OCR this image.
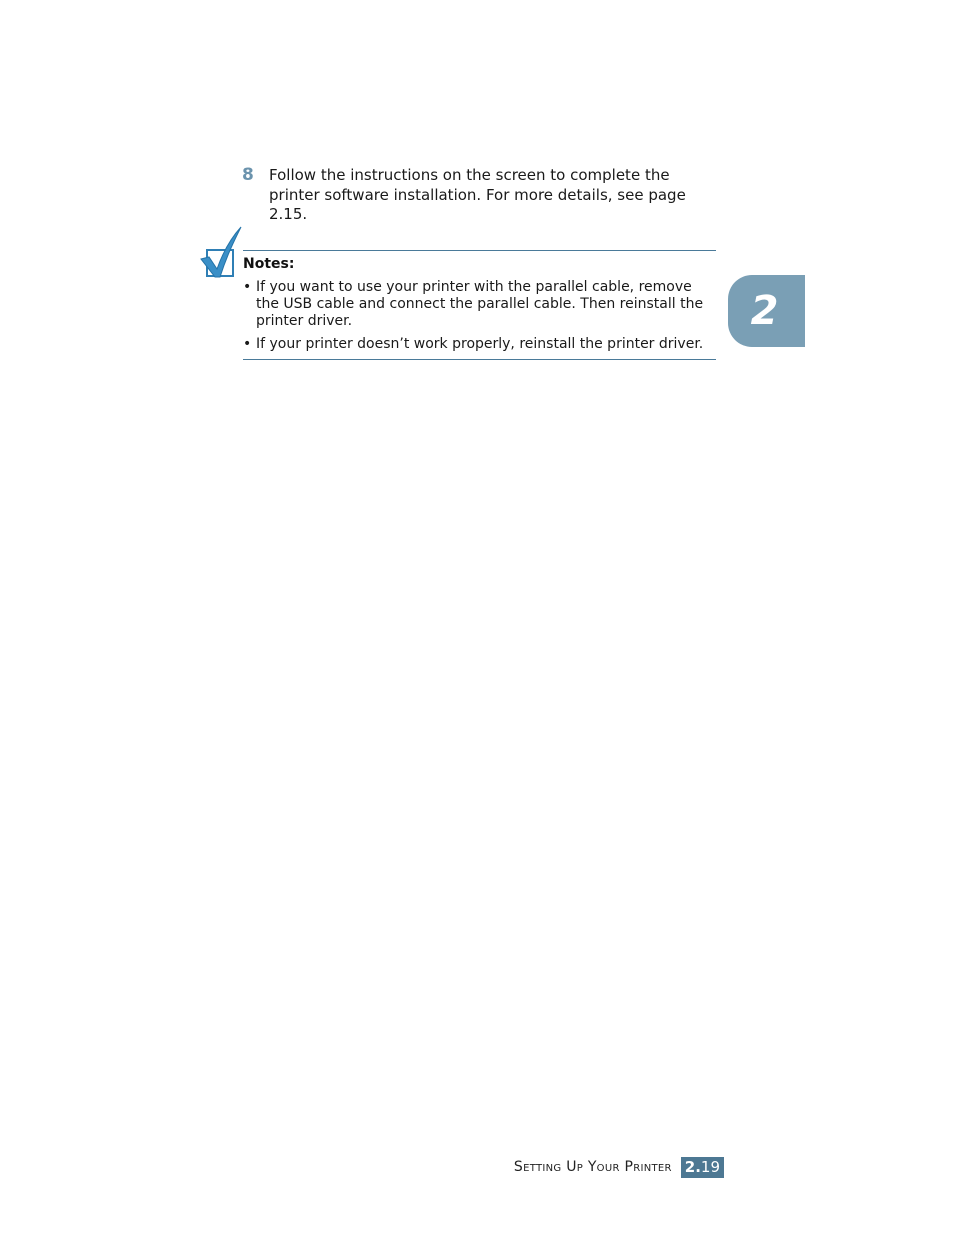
8 Follow the instructions on the screen to complete the printer software installation. For more details, see page 2.15.
Notes:
• If you want to use your printer with the parallel cable, remove the USB cable and connect the parallel cable. Then reinstall the printer driver.
• If your printer doesn’t work properly, reinstall the printer driver.
2
Setting Up Your Printer 2. 19
